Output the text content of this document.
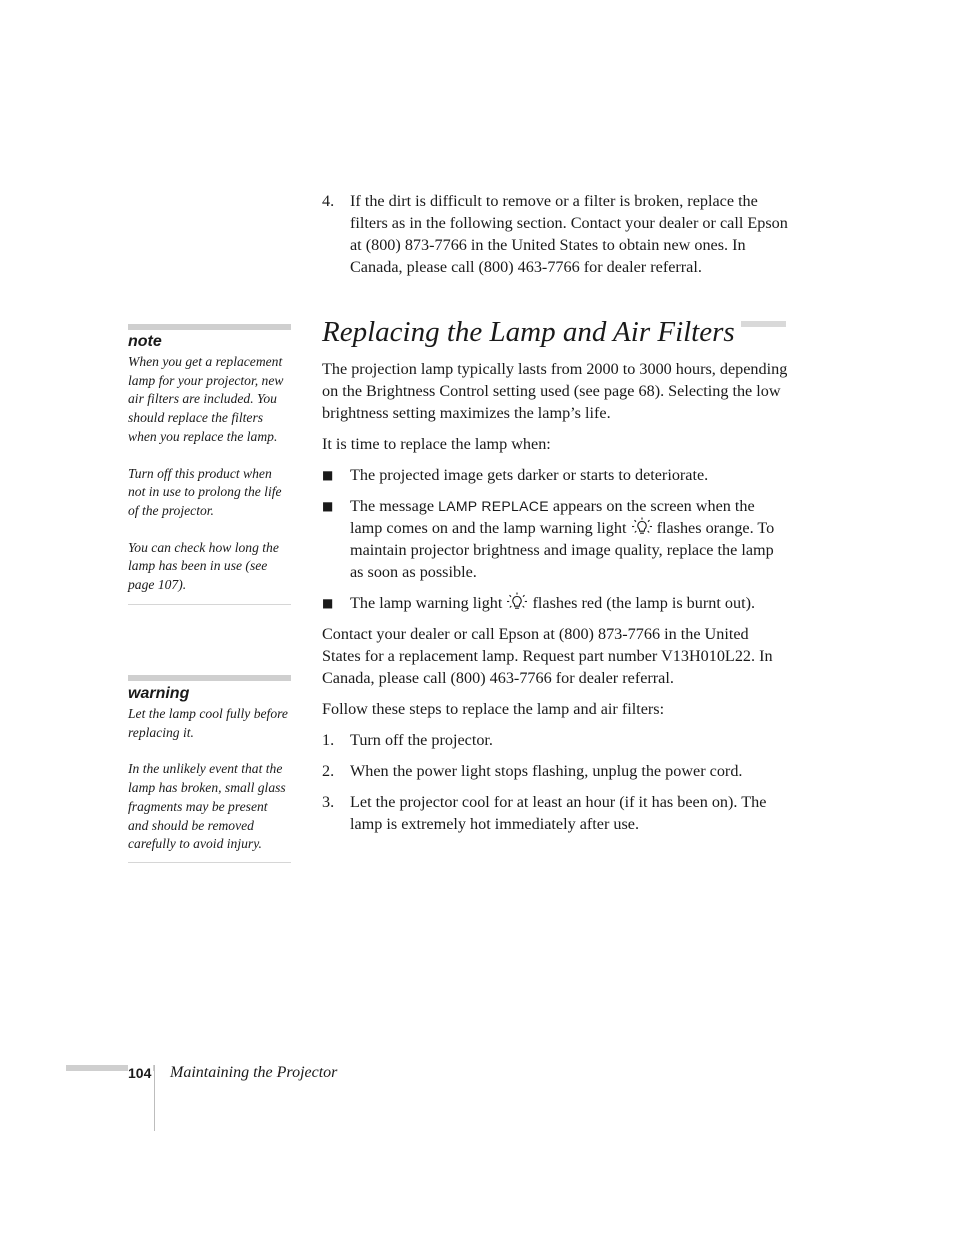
4. If the dirt is difficult to remove or a filter is broken, replace the filters as in the following section. Contact your dealer or call Epson at (800) 873-7766 in the United States to obtain new ones. In Canada, please call (800) 463-7766 for dealer referral.
Replacing the Lamp and Air Filters

The projection lamp typically lasts from 2000 to 3000 hours, depending on the Brightness Control setting used (see page 68). Selecting the low brightness setting maximizes the lamp’s life.

It is time to replace the lamp when:

■ The projected image gets darker or starts to deteriorate.
■ The message LAMP REPLACE appears on the screen when the lamp comes on and the lamp warning light  flashes orange. To maintain projector brightness and image quality, replace the lamp as soon as possible.
■ The lamp warning light  flashes red (the lamp is burnt out).

Contact your dealer or call Epson at (800) 873-7766 in the United States for a replacement lamp. Request part number V13H010L22. In Canada, please call (800) 463-7766 for dealer referral.

Follow these steps to replace the lamp and air filters:

1. Turn off the projector.
2. When the power light stops flashing, unplug the power cord.
3. Let the projector cool for at least an hour (if it has been on). The lamp is extremely hot immediately after use.
note

When you get a replacement lamp for your projector, new air filters are included. You should replace the filters when you replace the lamp.

Turn off this product when not in use to prolong the life of the projector.

You can check how long the lamp has been in use (see page 107).

warning

Let the lamp cool fully before replacing it.

In the unlikely event that the lamp has broken, small glass fragments may be present and should be removed carefully to avoid injury.

104 Maintaining the Projector
